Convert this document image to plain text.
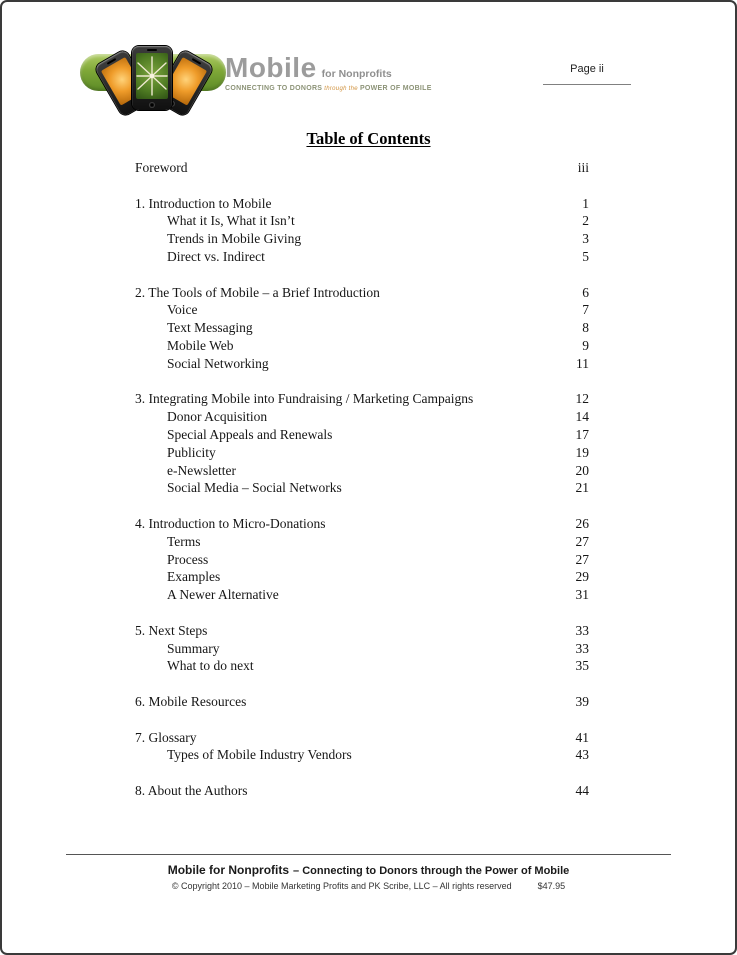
Mobile for Nonprofits
CONNECTING TO DONORS through the POWER OF MOBILE
Page ii
Table of Contents
Foreword	iii
1. Introduction to Mobile	1
What it Is, What it Isn’t	2
Trends in Mobile Giving	3
Direct vs. Indirect	5
2. The Tools of Mobile – a Brief Introduction	6
Voice	7
Text Messaging	8
Mobile Web	9
Social Networking	11
3. Integrating Mobile into Fundraising / Marketing Campaigns	12
Donor Acquisition	14
Special Appeals and Renewals	17
Publicity	19
e-Newsletter	20
Social Media – Social Networks	21
4. Introduction to Micro-Donations	26
Terms	27
Process	27
Examples	29
A Newer Alternative	31
5. Next Steps	33
Summary	33
What to do next	35
6. Mobile Resources	39
7. Glossary	41
Types of Mobile Industry Vendors	43
8. About the Authors	44
Mobile for Nonprofits – Connecting to Donors through the Power of Mobile
© Copyright 2010 – Mobile Marketing Profits and PK Scribe, LLC – All rights reserved	$47.95
